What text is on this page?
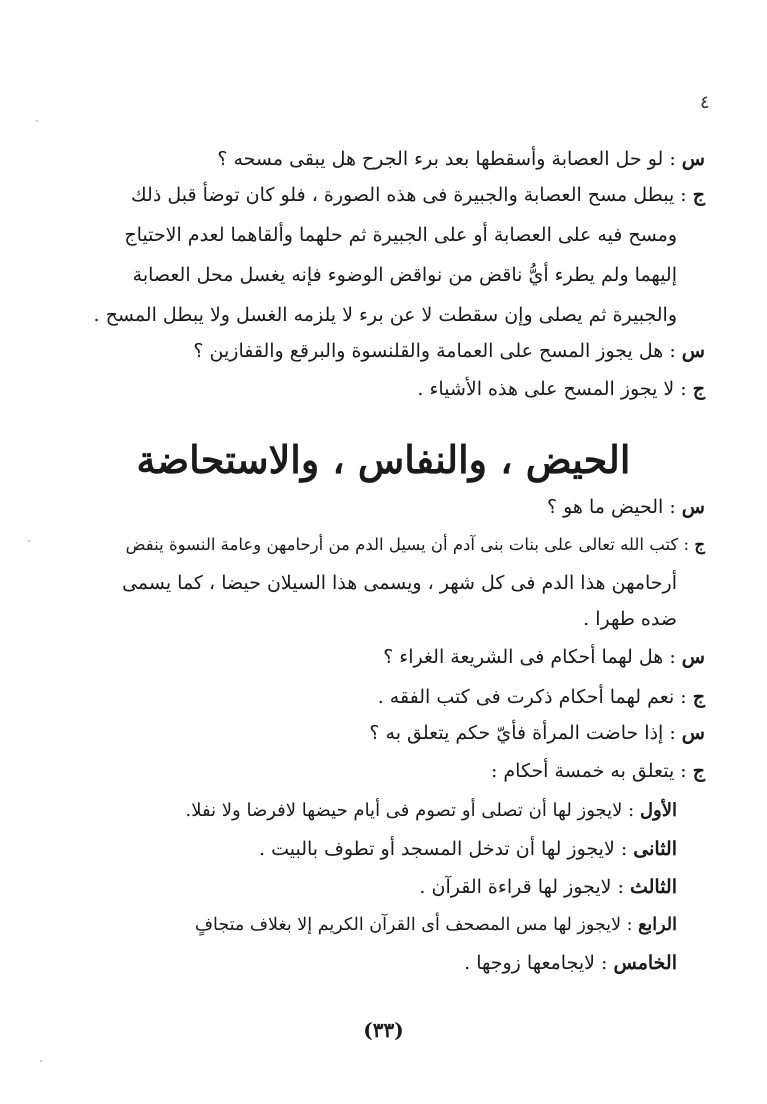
٤
س : لو حل العصابة وأسقطها بعد برء الجرح هل يبقى مسحه ؟
ج : يبطل مسح العصابة والجبيرة فى هذه الصورة ، فلو كان توضأ قبل ذلك
ومسح فيه على العصابة أو على الجبيرة ثم حلهما وألقاهما لعدم الاحتياج
إليهما ولم يطرء أيُّ ناقض من نواقض الوضوء فإنه يغسل محل العصابة
والجبيرة ثم يصلى وإن سقطت لا عن برء لا يلزمه الغسل ولا يبطل المسح .
س : هل يجوز المسح على العمامة والقلنسوة والبرقع والقفازين ؟
ج : لا يجوز المسح على هذه الأشياء .
الحيض ، والنفاس ، والاستحاضة
س : الحيض ما هو ؟
ج : كتب الله تعالى على بنات بنى آدم أن يسيل الدم من أرحامهن وعامة النسوة ينفض
أرحامهن هذا الدم فى كل شهر ، ويسمى هذا السيلان حيضا ، كما يسمى
ضده طهرا .
س : هل لهما أحكام فى الشريعة الغراء ؟
ج : نعم لهما أحكام ذكرت فى كتب الفقه .
س : إذا حاضت المرأة فأيّ حكم يتعلق به ؟
ج : يتعلق به خمسة أحكام :
الأول : لايجوز لها أن تصلى أو تصوم فى أيام حيضها لافرضا ولا نفلا.
الثانى : لايجوز لها أن تدخل المسجد أو تطوف بالبيت .
الثالث : لايجوز لها قراءة القرآن .
الرابع : لايجوز لها مس المصحف أى القرآن الكريم إلا بغلاف متجافٍ
الخامس : لايجامعها زوجها .
(٣٣)
